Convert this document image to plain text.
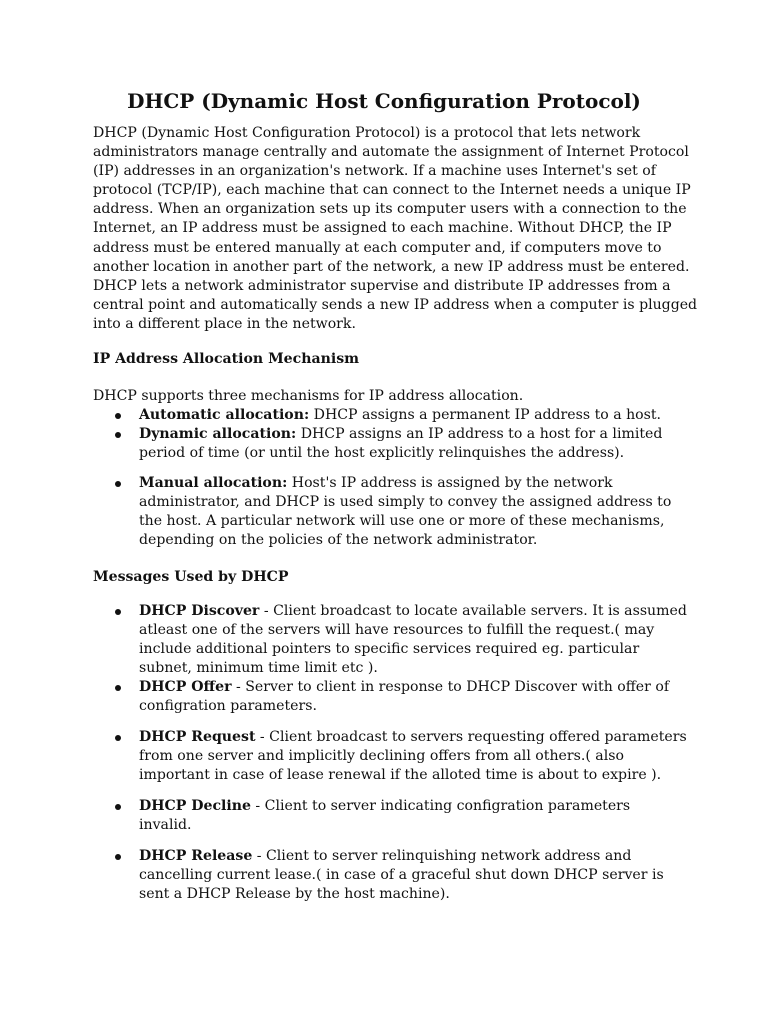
DHCP (Dynamic Host Configuration Protocol)

DHCP (Dynamic Host Configuration Protocol) is a protocol that lets network
administrators manage centrally and automate the assignment of Internet Protocol
(IP) addresses in an organization's network. If a machine uses Internet's set of
protocol (TCP/IP), each machine that can connect to the Internet needs a unique IP
address. When an organization sets up its computer users with a connection to the
Internet, an IP address must be assigned to each machine. Without DHCP, the IP
address must be entered manually at each computer and, if computers move to
another location in another part of the network, a new IP address must be entered.
DHCP lets a network administrator supervise and distribute IP addresses from a
central point and automatically sends a new IP address when a computer is plugged
into a different place in the network.

IP Address Allocation Mechanism

DHCP supports three mechanisms for IP address allocation.

Automatic allocation: DHCP assigns a permanent IP address to a host.
Dynamic allocation: DHCP assigns an IP address to a host for a limited
period of time (or until the host explicitly relinquishes the address).
Manual allocation: Host's IP address is assigned by the network
administrator, and DHCP is used simply to convey the assigned address to
the host. A particular network will use one or more of these mechanisms,
depending on the policies of the network administrator.
Messages Used by DHCP
DHCP Discover - Client broadcast to locate available servers. It is assumed
atleast one of the servers will have resources to fulfill the request.( may
include additional pointers to specific services required eg. particular
subnet, minimum time limit etc ).
DHCP Offer - Server to client in response to DHCP Discover with offer of
configration parameters.
DHCP Request - Client broadcast to servers requesting offered parameters
from one server and implicitly declining offers from all others.( also
important in case of lease renewal if the alloted time is about to expire ).
DHCP Decline - Client to server indicating configration parameters
invalid.
DHCP Release - Client to server relinquishing network address and
cancelling current lease.( in case of a graceful shut down DHCP server is
sent a DHCP Release by the host machine).
